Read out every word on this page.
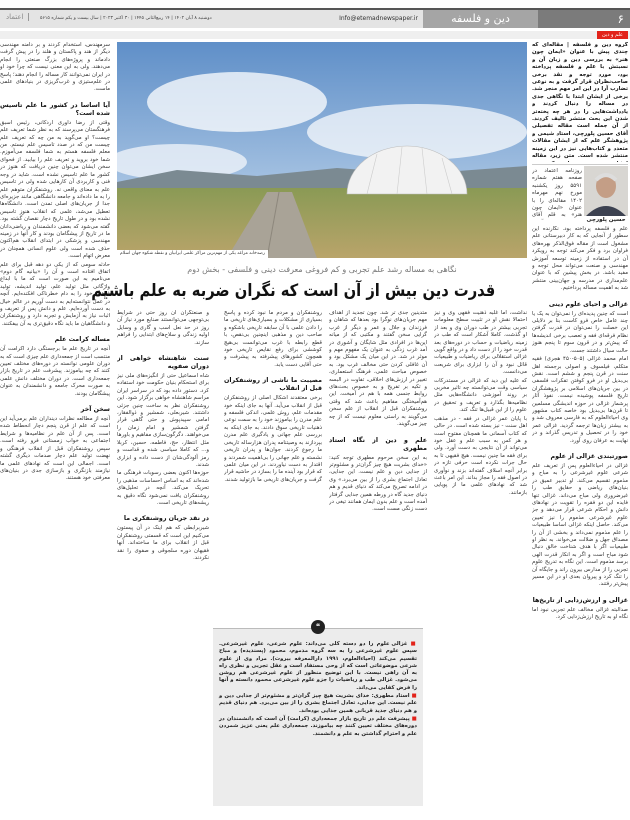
۶
دین و فلسفه
Info@etemadnewspaper.ir
دوشنبه ۸ آبان ۱۴۰۲ | ۱۴ ربیع‌الثانی ۱۴۴۵ | ۳۰ اکتبر ۲۰۲۳ | سال بیست و یکم شماره ۵۶۱۵
اعتماد
علم و دین

سرمهندس، استخدام کردند و بر دامنه مهندسی دیگر از هند و پاکستان و هلند را در پیش گرفت دادماند و پروژه‌های بزرگ صنعتی را انجام می‌دهند. ولی به این معنی نیست که چرا خود او در ایران نمی‌توانند کار مساله را انجام دهند؛ پاسخ در علم‌ستیزی و غرب‌گریزی در بنیادهای علمی ماست.

آیا اساسا در کشور ما علم تاسیس شده است؟

وقتی از رضا داوری اردکانی، رئیس اسبق فرهنگستان می‌پرسند که به نظر شما تعریف علم چیست؟ او می‌گوید به من چه که تعریف علم چیست من که در صدد تاسیس علم نیستم. من معلم فلسفه هستم به شما فلسفه می‌آموزم. شما خود بروید و تعریف علم را بیابید. از فحوای سخن ایشان می‌توان چنین دریافت که هنوز در کشور ما علم تاسیس نشده است. شاید در وجه فنی و کاربردی آن کارهایی شده ولی در تاسیس علم به معنای واقعی نه. روشنفکران متوهم علم را به ما داده‌اند و جامعه دانشگاهی مانند جزیره‌ای جدا از جریان‌های اصلی تمدن است. دانشگاه‌ها تعطیل می‌شد، علمی که انقلاب هنوز تاسیس نشده بود و در طول تاریخ دچار نقصان گشته بود. گفته می‌شود که بعضی دانشمندان و ریاضی‌دانان ما در تاریخ از پیشگامان بودند و کار آنها در زمینه مهندسی و پزشکی در ابتدای انقلاب هم‌اکنون حذف شده است ولی علوم انسانی همچنان در معرض اتهام است.

حادثه سومی که از یکی دو دهه قبل برای علم اتفاق افتاده است و آن را «بیانیه گام دوم» می‌نامیم به این صورت است که ما با ابداع واژگانی مثل تولید علم، تولید اندیشه، تولید فرهنگ خود را به دام خطرناکی افکنده‌ایم. آنچه در عمل نتوانسته‌ایم به دست آوریم در عالم خیال به دست آورده‌ایم. علم و دانش پس از تعریف و اثبات نیاز به آزمایش و تجربه دارد و روشنفکران و دانشگاهیان ما باید نگاه دقیق‌تری به آن بیفکنند.

مساله کرامت علم

آنچه در تاریخ علم ما برجستگی دارد اکرامت آن منتسب است از جمعه‌داری علم چیزی است که به دوران علومی نوانسته در دوره‌های مختلف تعیین کنند که چه بیاموزند. پیشرفت علم در تاریخ بازار جمعه‌داری است. در دوران مختلف دانش علمی به صورت محرک جامعه و دانشمندان به عنوان پیشگامان بودند.

سخن آخر

آنچه از مطالعه نظرات دینداران علم برمی‌آید این است که علم از قرن پنجم دچار انحطاط شده است. پس از آن علم در نظامیه‌ها و شرایط اجتماعی به خواب زمستانی فرو رفته است. سپس روشنفکران قبل از انقلاب فرهنگی و نهضت تولید علم دچار صدمات دیگری گشته است. اجمالی این است که نهادهای علمی ما نیازمند بازنگری و بازسازی جدی در بنیان‌های معرفتی خود هستند.

رصدخانه مراغه یکی از مهم‌ترین مراکز علمی ایرانیان و نقطه شکوه جهان اسلام

گروه دین و فلسفه | مقاله‌ای که چندی پیش با عنوان «ایمان چون هنر» به بررسی دین و زبان آن و نسبتش با علم و فلسفه پرداخته بود، مورد توجه و نقد برخی صاحب‌نظران قرار گرفت و به نوعی تضارب آرا در این امر مهم منجر شد. برخی از ایشان ابتدا با نگاهی جدی در مساله را دنبال کردند و یادداشت‌هایی را در هر چه پخته‌تر شدن این بحث منتشر تالیف کردند. از آن جمله است مقاله تفصیلی آقای حسین پلورچی، استاد شیمی و پژوهشگر علم که از ایشان مقالات متعدد و کتاب‌هایی نیز در این زمینه منتشر شده است. متن زیر، مقاله

روزنامه اعتماد در صفحه هفتم شماره ۵۵۹۱ روز یکشنبه مورخ نهم مهرماه ۱۴۰۲ مقاله‌ای را با عنوان «ایمان چون هنر» به قلم آقای

حسین پلورچی

علم و فلسفه پرداخته بود. نگارنده این سطور از آنجایی که به کار دبیرستانی علم مشغول است از مقاله فوق‌الذکر بهره‌های فراوان برد و فکر می‌کند توجه به رویکرد آن در استفاده از زمینه توسعه آموزش مهندسی و صنعت می‌تواند محل توجه و مفید باشد. در بخش پیشین که با عنوان علم‌مداری در مدرسه و جهان‌بینی منتشر شد به اهمیت مساله پرداختیم.

غزالی و احیای علوم دینی

است که چنین پدیده‌ای را نمی‌توان به یک یا چند عامل خاص فرو کاست بنا بر دلایلی این خصلت را نمی‌توان در قدرت گرفتن نظام فرقه‌ای فقه و تعصب برخی اندیشه‌ها که پیش‌تر و در قرون سوم تا پنجم هنوز حالت سیال داشتند جست.

امام محمد غزالی (۵۰۵-۴۵۰ هجری) فقیه متکلم، فیلسوف و اصولی برجسته اهل سنت در قرن پنجم و ششم است. نقش بی‌بدیل او در فرو کوفتن تفکرات فلسفی در بین جریان‌های اسلامی بر پژوهشگران تاریخ فلسفه پوشیده نیست. نفوذ آثار پرشمار غزالی در حوزه اندیشگی مسلمین تا قرن‌ها بی‌بدیل بود خاصه کتاب مشهور وی احیاءالعلوم که به فارسی معروف شد و به بیشتر زبان‌ها ترجمه گردید. غزالی عمر خود را در تحصیل و تدریس گذراند و در نهایت به عرفان روی آورد.

صورتبندی غزالی از علوم

غزالی در احیاءالعلوم پس از تعریف علم شرعی علوم غیرشرعی را به مباح و مذموم تقسیم می‌کند. او تدبیر عمیق در بنیان‌های ریاضی و حقایق طب را غیرضروری ولی مباح می‌داند. غزالی تنها فایده این دو فقره را تقویت در نهادهای دانش و احکام شرعی قرار می‌دهد و جز علوم غیرشرعی مذموم را نیز تعیین می‌کند. حاصل اینکه غزالی اساسا طبیعیات را علم مذموم نمی‌داند و بخشی از آن را مصداق جهل و ضلالت می‌خواند. به نظر او طبیعیات اگر با هدف شناخت خالق دنبال شود مباح است و اگر به انکار قدرت الهی برسد مذموم است. این نگاه به تدریج علوم تجربی را از مدارس بیرون راند و جایگاه آن را تنگ کرد و پیروان بعدی او در این مسیر پیش‌تر رفتند.

غزالی و ارزش‌زدایی از تاریخ‌ها

صدالبته غزالی مخالف علم تجربی نبود اما نگاه او به تاریخ ارزش‌زدایی کرد.

نگاهی به مساله رشد علم تجربی و کم فروغی معرفت دینی و فلسفی - بخش دوم
قدرت دین بیش از آن است که نگران ضربه به علم باشیم

نداشت، اما غلبه ذهنیت فقهی وی و نیز احتمالا نقش او در تثبیت سطح معلومات تجربی بیشتر در طب دوران وی و بعد از او گذشت. کاملا آشکار است که طب در زمینه ریاضیات و حساب در دوره‌های بعد قدرت خود را از دست داد و در واقع گویی غزالی استقلالی برای ریاضیات و طبیعیات قائل نبود و آن را ابزاری برای شریعت می‌دانست.

که علیه این دید که غزالی در مستدرکات سیاسی وقت می‌توانسته چه تاثیر مخربی بر روند آموزشی دانشگاه‌هایی مثل نظامیه‌ها بگذارد و تعریف و تحقیق در علوم را از این قبیل‌ها تنگ کند.

با پایان عمر غزالی در فقه - در مذهب اهل سنت - نیز بسته شده است. در حالی که کتاب آسمانی ما همچنان مفتوح است و هر کس به سبب علم و عقل خود می‌تواند از آن نتایجی به دست آورد. ولی برای فقه ما چنین نیست. هیچ فقیهی تا به حال جرات نکرده است حرفی تازه در برابر آنچه اسلاف گفته‌اند بزند و نوآوری در اصول فقه را مجاز بداند. این امر باعث شد که نهادهای علمی ما از پویایی بازمانند.

متدینین جدی تر شد. چون تجدید از اهداف مهم جریان‌های نوگرا بود بعدها که شاهان و فرزندان و جلال و عمر و دیگر از غرب گرایی سخن گفتند و مکتبی که از میانه این‌ها در افرادی مثل شایگان و آشوری در آمد غرب زدگی به عنوان یک مفهوم مهم و موثر در شد. در این میان یک مشکل بود و آن غافلی کردن حتی مخالف غرب بود. به خصوص مباحث علمی، فرهنگ استعماری، تغییر در ارزش‌های اخلاقی، تفاوت در البسه و تکیه بر تفریح و به خصوص بحث‌های روابط جنسی همه با هم در آمیخت. این هم‌آمیختگی مفاهیم باعث شد که وقتی روشنفکران قبل از انقلاب از علم سخن می‌گویند به راستی معلوم نیست که از چه چیز می‌گویند.

علم و دین از نگاه استاد مطهری

به این سخن مرحوم مطهری توجه کنید: «خدای بشریت هیچ چیز گران‌تر و مشئوم‌تر از جدایی دین و علم نیست. این جدایی، تعادل اجتماع بشری را از بین می‌برد.» وی در ادامه تصریح می‌کند که دنیای قدیم و هم دنیای جدید گاه در ورطه همین جدایی گرفتار آمده است و علم بدون ایمان همانند تیغی در دست زنگی مست است.

روشنفکران و مردم ما نبود کرده و پاسخ بسیاری از مشکلات و بسیاری‌های تاریخی ما را دادن علمی با آن سابقه تاریخی باشکوه و صاحب دین و مذهبی اینچنین بی‌نقص، با قطع رابطه با غرب می‌توانست بی‌هیچ کوششی برای رفع نقایص تاریخی خود همچون کشورهای پیشرفته به پیشرفت و حتی آقایی دست یابد.

مصیبت ما ناشی از روشنفکران قبل از انقلاب

برخی معتقدند اشکال اصلی از روشنفکران قبل از انقلاب می‌آید. آنها به جای اینکه خود مقدمات علم، روش علمی، اندکی فلسفه و علم مدرن را بیاموزند خود را به سمت نوعی ذهنیات تاریخی سوق دادند. به جای اینکه به بررسی علم جهانی و یادگیری علم مدرن بپردازند به وصیتنامه پدران هزارساله تاریخی ما رجوع کردند. جوان‌ها و پدران تاریخی نشسته و علم جهانی را بی‌اهمیت شمردند و اقتدار به دست نیاوردند. در این میان علمی که قرار بود آینده ما را بسازد در حاشیه قرار گرفت و جریان‌های تاریخی ما بازتولید شدند.

و صنعتگران آن روز حتی در شرایط بی‌توجهی می‌توانستند صنایع مورد نیاز آن روز در حد نعل اسب و گاری و وسایل اولیه زندگی و سلاح‌های ابتدایی را فراهم سازند.

سنت شاهنشاه خواهی از دوران صفویه

شاه اسماعیل حتی از انگیزه‌های ملی نیز برای استحکام بنیان حکومت خود استفاده کرد. دستور داده بود که در سراسر ایران مراسم شاهنشاه خواهی برگزار شود. این روشنفکران نظر به ساخت چنین جزئی داشتند. شیربعلی، شمشیر و ذوالفقار، امامی سپیدپوش و حتی گاهی قرار گرفتن شمشیر و امام زمان را می‌خواهند. دگرگون‌سازی مفاهیم و باورها مثل انتظار، حج، فاطمه، حسین، کربلا و... که کاملا سیاسی شده و قداست و رمز آلودگی‌شان از دست داده و ابزاری شدند.

حوزه‌ها اکنون بعضی رسوبات فرهنگی ما شده‌اند که به اساس احساسات مذهبی را تحریک می‌کند. آنچه در تحلیل‌های روشنفکران یافت نمی‌شود نگاه دقیق به ریشه‌های تاریخی است.

در نقد جریان روشنفکری ما

شیربرابطی که هم اینک در آن پیستون می‌کنیم این است که قسمتی روشنفکران قبل از انقلاب برای ما ساخته‌اند. آنها فقیهان دوره سلجوقی و صفوی را نقد نکردند.

■ غزالی علوم را دو دسته کلی می‌داند: علوم شرعی، علوم غیرشرعی. سپس علوم غیرشرعی را به سه گروه مذموم، محمود (پسندیده) و مباح تقسیم می‌کند (احیاءالعلوم، ۱۹۹۱ دارالمعرفه بیروت). مراد وی از علوم شرعی موضوعاتی است که از وحی مستفاد است و عقل تجربی و نظری راه به آن راهی نیست. با این توضیح منظور از علوم غیرشرعی هم روشن می‌شود. غزالی طب و ریاضیات را جزو علوم غیرشرعی محمود دانسته و آنها را فرض کفایی می‌داند.

■ استاد مطهری: خدای بشریت هیچ چیز گران‌تر و مشئوم‌تر از جدایی دین و علم نیست. این جدایی، تعادل اجتماع بشری را از بین می‌برد. هم دنیای قدیم و هم دنیای جدید قربانی همین جدایی بوده‌اند.

■ پیشرفت علم در تاریخ بازار جمعه‌داری (کرامت) آن است که دانشمندان در دوره‌های مختلف تعیین کنند چه بیاموزند. جمعه‌داری علم یعنی عزیز شمردن علم و احترام گذاشتن به علم و دانشمند.

❝
